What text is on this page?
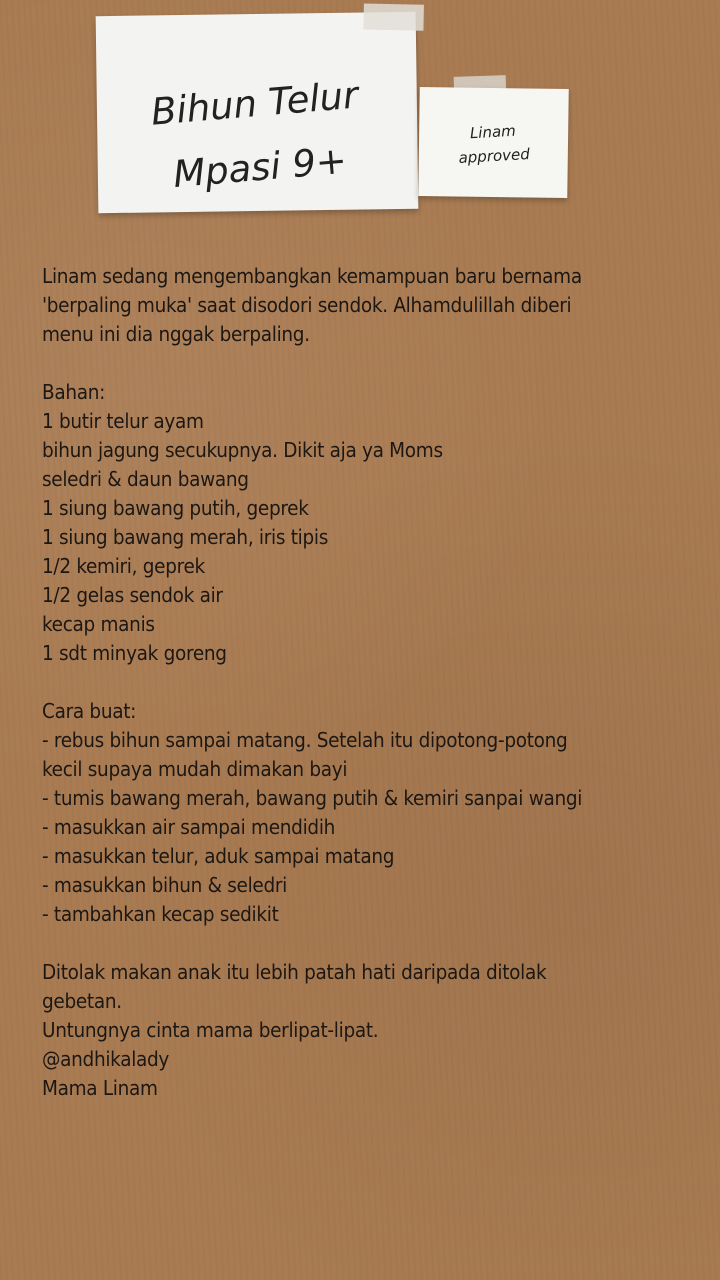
Bihun Telur
Mpasi 9+
Linam
approved
Linam sedang mengembangkan kemampuan baru bernama
'berpaling muka' saat disodori sendok. Alhamdulillah diberi
menu ini dia nggak berpaling.
Bahan:
1 butir telur ayam
bihun jagung secukupnya. Dikit aja ya Moms
seledri & daun bawang
1 siung bawang putih, geprek
1 siung bawang merah, iris tipis
1/2 kemiri, geprek
1/2 gelas sendok air
kecap manis
1 sdt minyak goreng
Cara buat:
- rebus bihun sampai matang. Setelah itu dipotong-potong
kecil supaya mudah dimakan bayi
- tumis bawang merah, bawang putih & kemiri sanpai wangi
- masukkan air sampai mendidih
- masukkan telur, aduk sampai matang
- masukkan bihun & seledri
- tambahkan kecap sedikit
Ditolak makan anak itu lebih patah hati daripada ditolak
gebetan.
Untungnya cinta mama berlipat-lipat.
@andhikalady
Mama Linam
